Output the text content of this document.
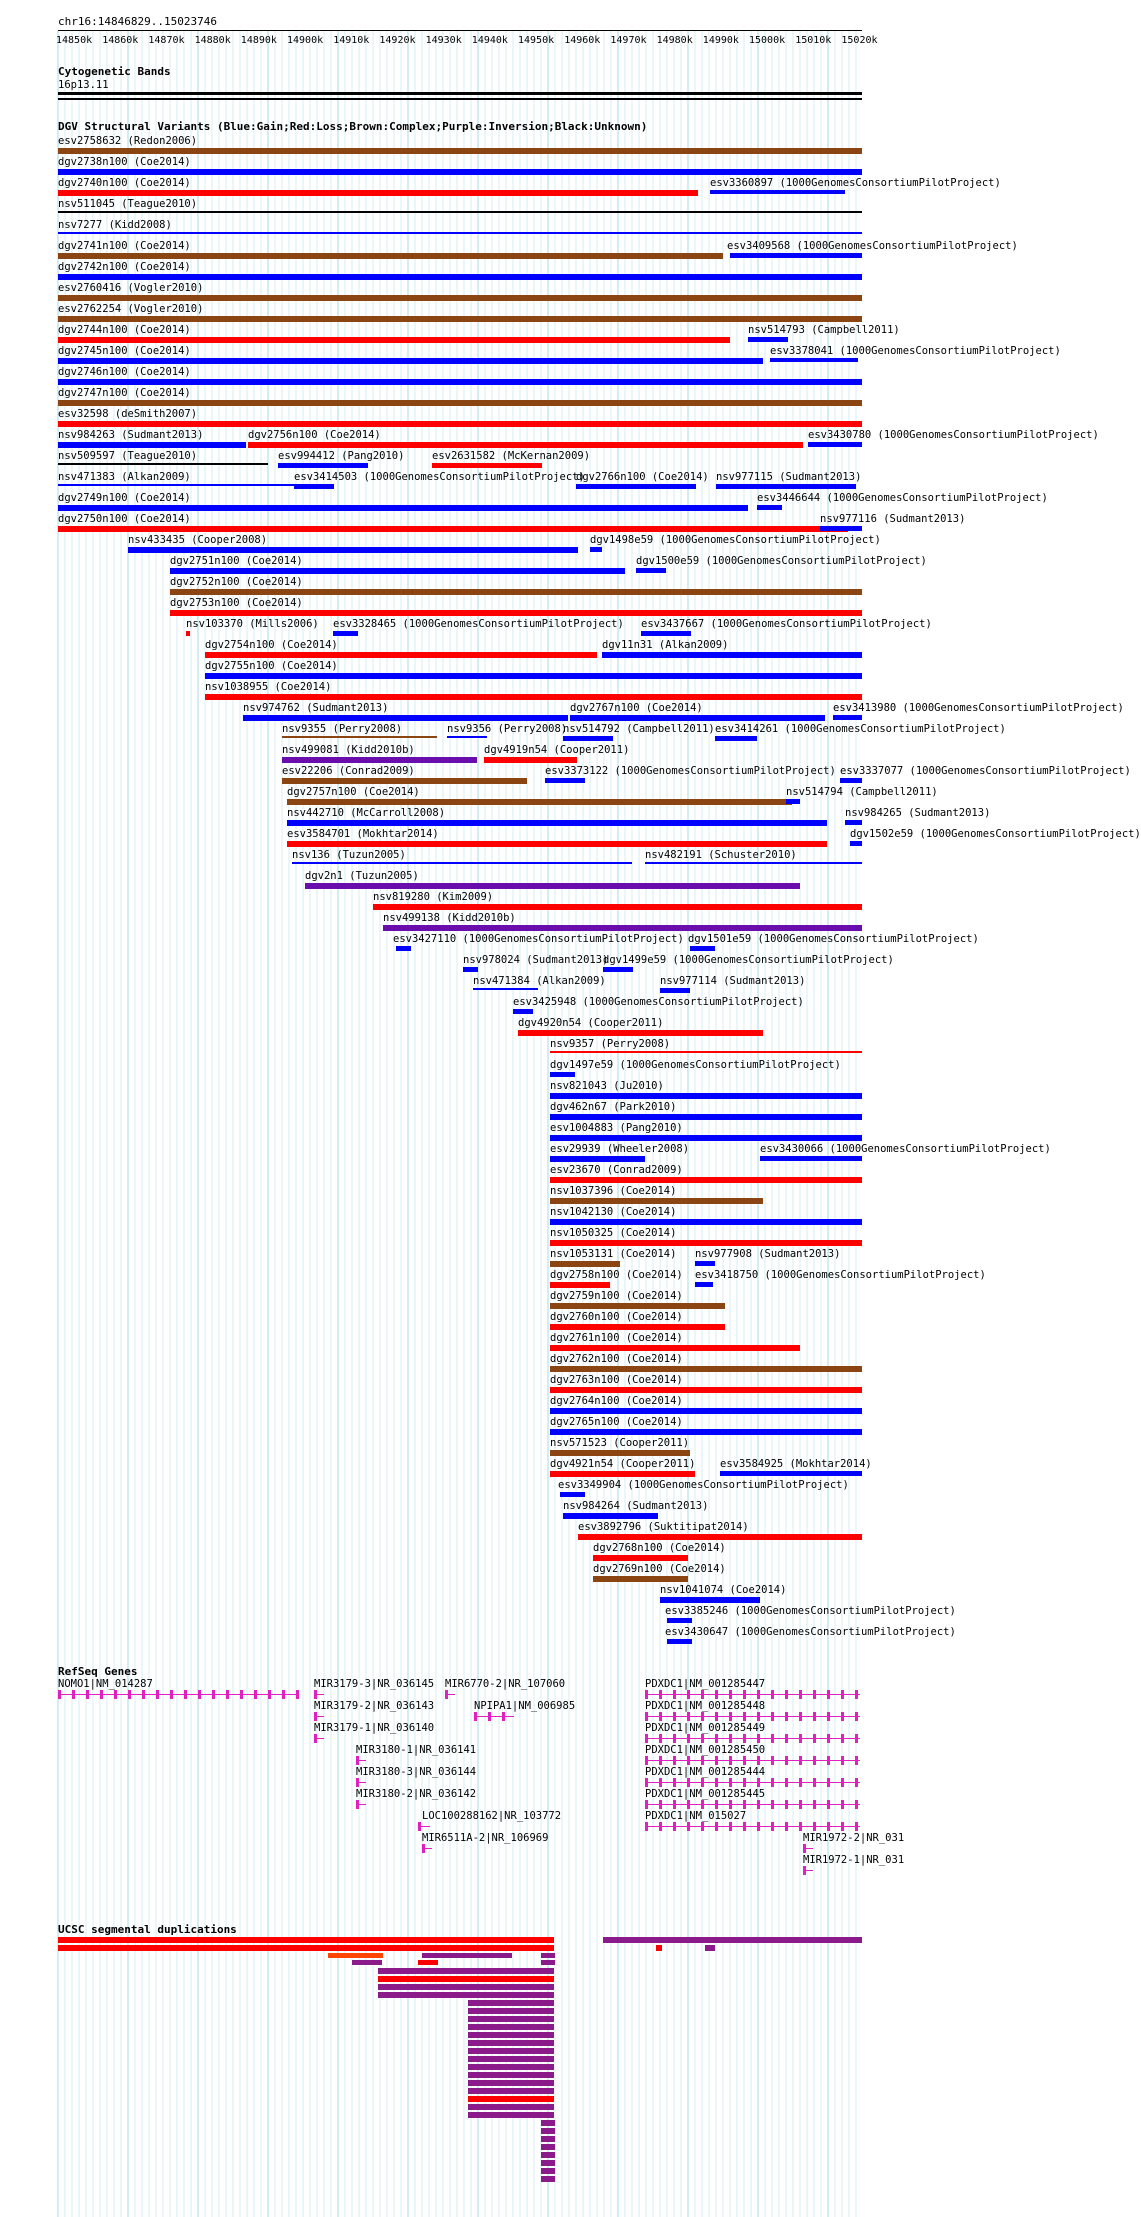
chr16:14846829..15023746
14850k 14860k 14870k 14880k 14890k 14900k 14910k 14920k 14930k 14940k 14950k 14960k 14970k 14980k 14990k 15000k 15010k 15020k
Cytogenetic Bands
16p13.11
DGV Structural Variants (Blue:Gain;Red:Loss;Brown:Complex;Purple:Inversion;Black:Unknown)
esv2758632 (Redon2006)
dgv2738n100 (Coe2014)
dgv2740n100 (Coe2014)	esv3360897 (1000GenomesConsortiumPilotProject)
nsv511045 (Teague2010)
nsv7277 (Kidd2008)
dgv2741n100 (Coe2014)	esv3409568 (1000GenomesConsortiumPilotProject)
dgv2742n100 (Coe2014)
esv2760416 (Vogler2010)
esv2762254 (Vogler2010)
dgv2744n100 (Coe2014)	nsv514793 (Campbell2011)
dgv2745n100 (Coe2014)	esv3378041 (1000GenomesConsortiumPilotProject)
dgv2746n100 (Coe2014)
dgv2747n100 (Coe2014)
esv32598 (deSmith2007)
nsv984263 (Sudmant2013)	dgv2756n100 (Coe2014)	esv3430780 (1000GenomesConsortiumPilotProject)
nsv509597 (Teague2010)	esv994412 (Pang2010)	esv2631582 (McKernan2009)
nsv471383 (Alkan2009)	esv3414503 (1000GenomesConsortiumPilotProject)
dgv2766n100 (Coe2014) nsv977115 (Sudmant2013)
dgv2749n100 (Coe2014)	esv3446644 (1000GenomesConsortiumPilotProject)
dgv2750n100 (Coe2014)	nsv977116 (Sudmant2013)
nsv433435 (Cooper2008)	dgv1498e59 (1000GenomesConsortiumPilotProject)
dgv2751n100 (Coe2014)	dgv1500e59 (1000GenomesConsortiumPilotProject)
dgv2752n100 (Coe2014)
dgv2753n100 (Coe2014)
nsv103370 (Mills2006) esv3328465 (1000GenomesConsortiumPilotProject) esv3437667 (1000GenomesConsortiumPilotProject)
dgv2754n100 (Coe2014)	dgv11n31 (Alkan2009)
dgv2755n100 (Coe2014)
nsv1038955 (Coe2014)
nsv974762 (Sudmant2013)	dgv2767n100 (Coe2014)	esv3413980 (1000GenomesConsortiumPilotProject)
nsv9355 (Perry2008)	nsv9356 (Perry2008)
nsv514792 (Campbell2011) esv3414261 (1000GenomesConsortiumPilotProject)
nsv499081 (Kidd2010b)	dgv4919n54 (Cooper2011)
esv22206 (Conrad2009)	esv3373122 (1000GenomesConsortiumPilotProject) esv3337077 (1000GenomesConsortiumPilotProject)
dgv2757n100 (Coe2014)	nsv514794 (Campbell2011)
nsv442710 (McCarroll2008)	nsv984265 (Sudmant2013)
esv3584701 (Mokhtar2014)	dgv1502e59 (1000GenomesConsortiumPilotProject)
nsv136 (Tuzun2005)	nsv482191 (Schuster2010)
dgv2n1 (Tuzun2005)
nsv819280 (Kim2009)
nsv499138 (Kidd2010b)
esv3427110 (1000GenomesConsortiumPilotProject) dgv1501e59 (1000GenomesConsortiumPilotProject)
nsv978024 (Sudmant2013)
dgv1499e59 (1000GenomesConsortiumPilotProject)
nsv471384 (Alkan2009)	nsv977114 (Sudmant2013)
esv3425948 (1000GenomesConsortiumPilotProject)
dgv4920n54 (Cooper2011)
nsv9357 (Perry2008)
dgv1497e59 (1000GenomesConsortiumPilotProject)
nsv821043 (Ju2010)
dgv462n67 (Park2010)
esv1004883 (Pang2010)
esv29939 (Wheeler2008)	esv3430066 (1000GenomesConsortiumPilotProject)
esv23670 (Conrad2009)
nsv1037396 (Coe2014)
nsv1042130 (Coe2014)
nsv1050325 (Coe2014)
nsv1053131 (Coe2014) nsv977908 (Sudmant2013)
dgv2758n100 (Coe2014) esv3418750 (1000GenomesConsortiumPilotProject)
dgv2759n100 (Coe2014)
dgv2760n100 (Coe2014)
dgv2761n100 (Coe2014)
dgv2762n100 (Coe2014)
dgv2763n100 (Coe2014)
dgv2764n100 (Coe2014)
dgv2765n100 (Coe2014)
nsv571523 (Cooper2011)
dgv4921n54 (Cooper2011) esv3584925 (Mokhtar2014)
esv3349904 (1000GenomesConsortiumPilotProject)
nsv984264 (Sudmant2013)
esv3892796 (Suktitipat2014)
dgv2768n100 (Coe2014)
dgv2769n100 (Coe2014)
nsv1041074 (Coe2014)
esv3385246 (1000GenomesConsortiumPilotProject)
esv3430647 (1000GenomesConsortiumPilotProject)
RefSeq Genes
NOMO1|NM_014287	MIR3179-3|NR_036145 MIR6770-2|NR_107060	PDXDC1|NM_001285447
MIR3179-2|NR_036143	NPIPA1|NM_006985	PDXDC1|NM_001285448
MIR3179-1|NR_036140	PDXDC1|NM_001285449
MIR3180-1|NR_036141	PDXDC1|NM_001285450
MIR3180-3|NR_036144	PDXDC1|NM_001285444
MIR3180-2|NR_036142	PDXDC1|NM_001285445
LOC100288162|NR_103772	PDXDC1|NM_015027
MIR6511A-2|NR_106969	MIR1972-2|NR_031
MIR1972-1|NR_031
UCSC segmental duplications
